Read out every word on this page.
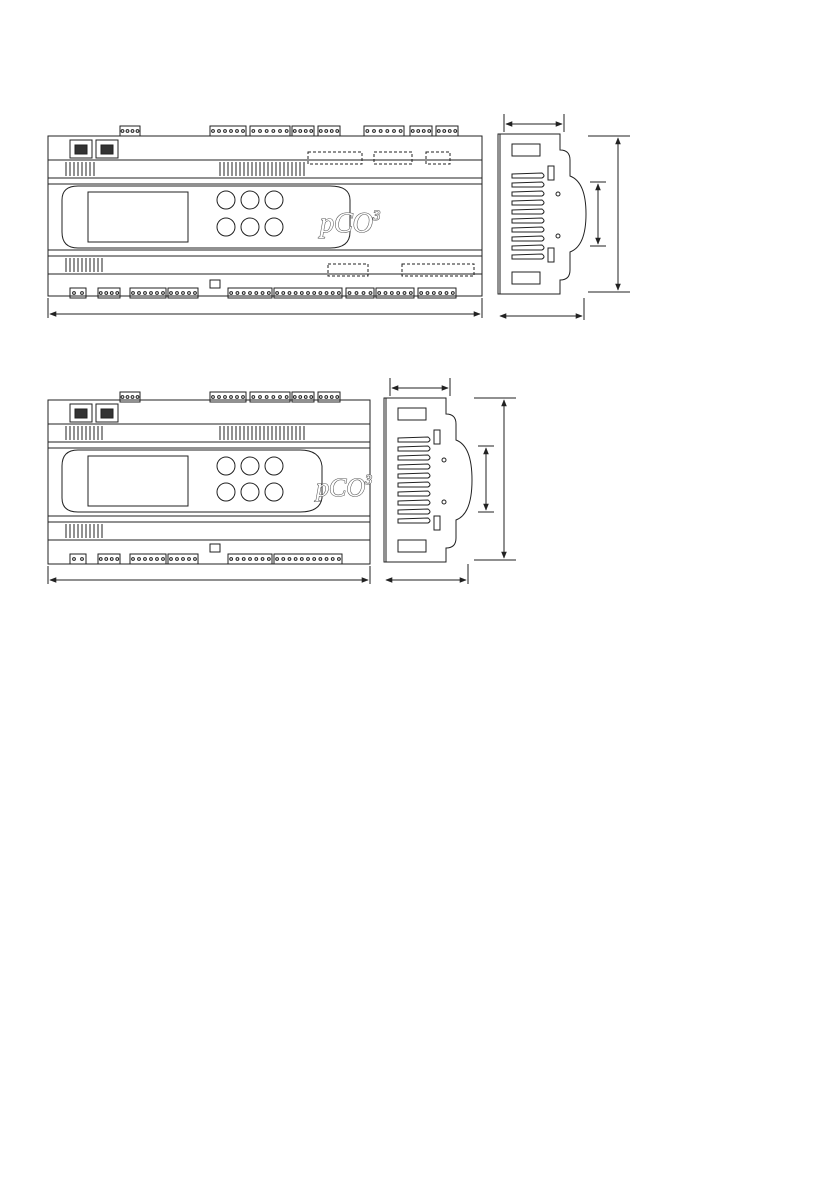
pCO$^3$
pCO$^3$
